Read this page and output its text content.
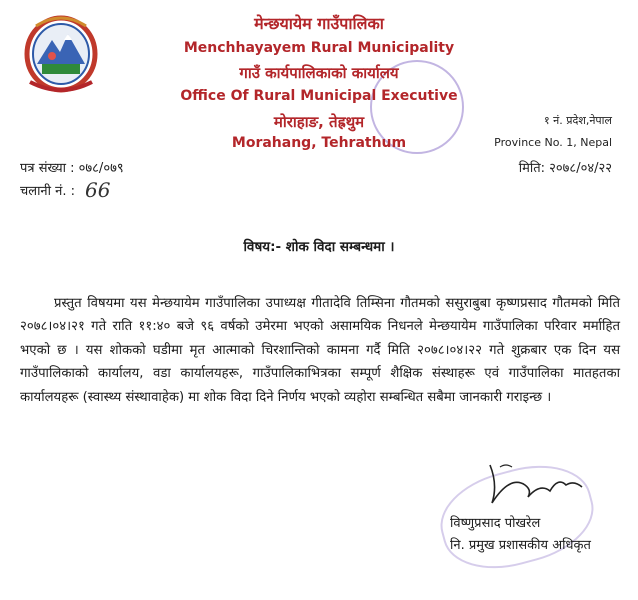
मेन्छयायेम गाउँपालिका
Menchhayayem Rural Municipality
गाउँ कार्यपालिकाको कार्यालय
Office Of Rural Municipal Executive
मोराहाङ, तेह्रथुम
Morahang, Tehrathum
१ नं. प्रदेश,नेपाल
Province No. 1, Nepal
पत्र संख्या : ०७८/०७९
चलानी नं. : 66
मिति: २०७८/०४/२२
विषय:- शोक विदा सम्बन्धमा ।
प्रस्तुत विषयमा यस मेन्छयायेम गाउँपालिका उपाध्यक्ष गीतादेवि तिम्सिना गौतमको ससुराबुबा कृष्णप्रसाद गौतमको मिति २०७८।०४।२१ गते राति ११:४० बजे ९६ वर्षको उमेरमा भएको असामयिक निधनले मेन्छयायेम गाउँपालिका परिवार मर्माहित भएको छ । यस शोकको घडीमा मृत आत्माको चिरशान्तिको कामना गर्दै मिति २०७८।०४।२२ गते शुक्रबार एक दिन यस गाउँपालिकाको कार्यालय, वडा कार्यालयहरू, गाउँपालिकाभित्रका सम्पूर्ण शैक्षिक संस्थाहरू एवं गाउँपालिका मातहतका कार्यालयहरू (स्वास्थ्य संस्थावाहेक) मा शोक विदा दिने निर्णय भएको व्यहोरा सम्बन्धित सबैमा जानकारी गराइन्छ ।
विष्णुप्रसाद पोखरेल
नि. प्रमुख प्रशासकीय अधिकृत
